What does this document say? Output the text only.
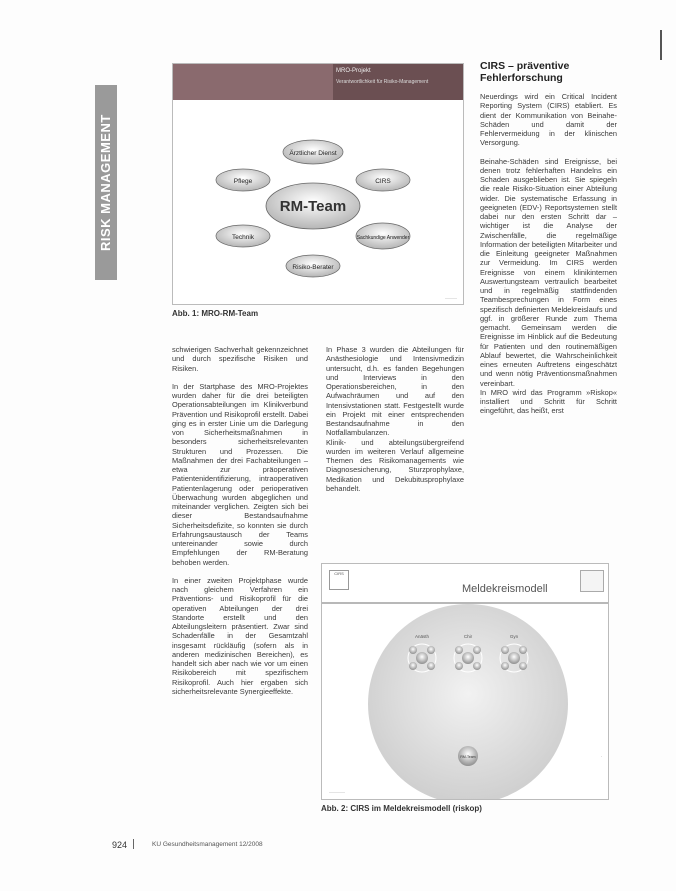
RISK MANAGEMENT
MRO-Projekt
Verantwortlichkeit für Risiko-Management
RM-Team
Ärztlicher Dienst
Pflege	CIRS
Technik	Sachkundige Anwender
Risiko-Berater
———
Abb. 1: MRO-RM-Team
CIRS – präventive
Fehlerforschung

schwierigen Sachverhalt gekennzeichnet und durch spezifische Risiken und Risiken.

In der Startphase des MRO-Projektes wurden daher für die drei beteiligten Operationsabteilungen im Klinikverbund Prävention und Risikoprofil erstellt. Dabei ging es in erster Linie um die Darlegung von Sicherheitsmaßnahmen in besonders sicherheitsrelevanten Strukturen und Prozessen. Die Maßnahmen der drei Fachabteilungen – etwa zur präoperativen Patientenidentifizierung, intraoperativen Patientenlagerung oder perioperativen Überwachung wurden abgeglichen und miteinander verglichen. Zeigten sich bei dieser Bestandsaufnahme Sicherheitsdefizite, so konnten sie durch Erfahrungsaustausch der Teams untereinander sowie durch Empfehlungen der RM-Beratung behoben werden.

In einer zweiten Projektphase wurde nach gleichem Verfahren ein Präventions- und Risikoprofil für die operativen Abteilungen der drei Standorte erstellt und den Abteilungsleitern präsentiert. Zwar sind Schadenfälle in der Gesamtzahl insgesamt rückläufig (sofern als in anderen medizinischen Bereichen), es handelt sich aber nach wie vor um einen Risikobereich mit spezifischem Risikoprofil. Auch hier ergaben sich sicherheitsrelevante Synergieeffekte.

In Phase 3 wurden die Abteilungen für Anästhesiologie und Intensivmedizin untersucht, d.h. es fanden Begehungen und Interviews in den Operationsbereichen, in den Aufwachräumen und auf den Intensivstationen statt. Festgestellt wurde ein Projekt mit einer entsprechenden Bestandsaufnahme in den Notfallambulanzen.

Klinik- und abteilungsübergreifend wurden im weiteren Verlauf allgemeine Themen des Risikomanagements wie Diagnosesicherung, Sturzprophylaxe, Medikation und Dekubitusprophylaxe behandelt.

Neuerdings wird ein Critical Incident Reporting System (CIRS) etabliert. Es dient der Kommunikation von Beinahe-Schäden und damit der Fehlervermeidung in der klinischen Versorgung.

Beinahe-Schäden sind Ereignisse, bei denen trotz fehlerhaften Handelns ein Schaden ausgeblieben ist. Sie spiegeln die reale Risiko-Situation einer Abteilung wider. Die systematische Erfassung in geeigneten (EDV-) Reportsystemen stellt dabei nur den ersten Schritt dar – wichtiger ist die Analyse der Zwischenfälle, die regelmäßige Information der beteiligten Mitarbeiter und die Einleitung geeigneter Maßnahmen zur Vermeidung. Im CIRS werden Ereignisse von einem klinikinternen Auswertungsteam vertraulich bearbeitet und in regelmäßig stattfindenden Teambesprechungen in Form eines spezifisch definierten Meldekreislaufs und ggf. in größerer Runde zum Thema gemacht. Gemeinsam werden die Ereignisse im Hinblick auf die Bedeutung für Patienten und den routinemäßigen Ablauf bewertet, die Wahrscheinlichkeit eines erneuten Auftretens eingeschätzt und wenn nötig Präventionsmaßnahmen vereinbart.

In MRO wird das Programm »Riskop« installiert und Schritt für Schritt eingeführt, das heißt, erst

CIRS
Meldekreismodell
Anästh	Chir	Gyn
RM-Team	·
————
Abb. 2: CIRS im Meldekreismodell (riskop)
924	KU Gesundheitsmanagement 12/2008
